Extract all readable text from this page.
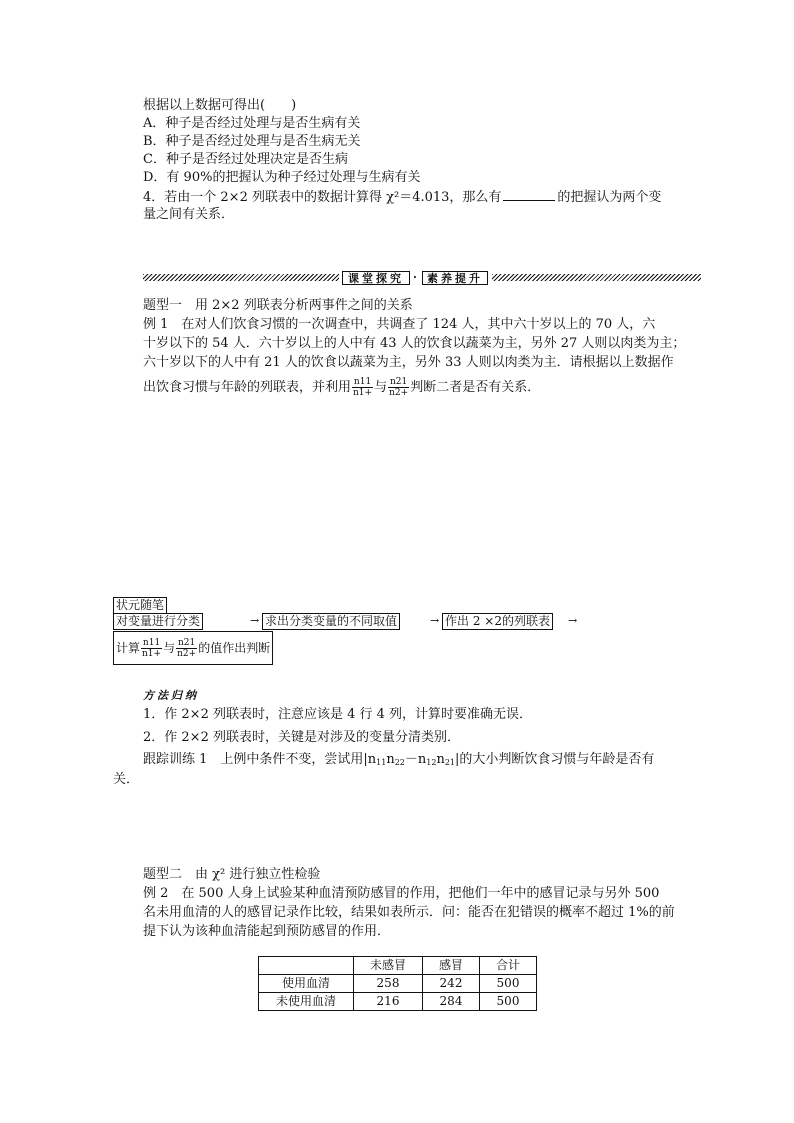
根据以上数据可得出(　　)
A．种子是否经过处理与是否生病有关
B．种子是否经过处理与是否生病无关
C．种子是否经过处理决定是否生病
D．有 90%的把握认为种子经过处理与生病有关
4．若由一个 2×2 列联表中的数据计算得 χ²＝4.013，那么有	的把握认为两个变
量之间有关系．
课堂探究 · 素养提升
题型一　用 2×2 列联表分析两事件之间的关系
例 1　在对人们饮食习惯的一次调查中，共调查了 124 人，其中六十岁以上的 70 人，六
十岁以下的 54 人．六十岁以上的人中有 43 人的饮食以蔬菜为主，另外 27 人则以肉类为主；
六十岁以下的人中有 21 人的饮食以蔬菜为主，另外 33 人则以肉类为主．请根据以上数据作
出饮食习惯与年龄的列联表，并利用 $\frac{n11}{n1+}$ 与 $\frac{n21}{n2+}$ 判断二者是否有关系．
状元随笔
对变量进行分类	→ 求出分类变量的不同取值	→ 作出 2 ×2的列联表 →
计算 $\frac{n11}{n1+}$ 与 $\frac{n21}{n2+}$ 的值作出判断
方法归纳
1．作 2×2 列联表时，注意应该是 4 行 4 列，计算时要准确无误．
2．作 2×2 列联表时，关键是对涉及的变量分清类别．
跟踪训练 1　上例中条件不变，尝试用$|n_{11}n_{22}-n_{12}n_{21}|$的大小判断饮食习惯与年龄是否有
关．
题型二　由 χ² 进行独立性检验
例 2　在 500 人身上试验某种血清预防感冒的作用，把他们一年中的感冒记录与另外 500
名未用血清的人的感冒记录作比较，结果如表所示．问：能否在犯错误的概率不超过 1%的前
提下认为该种血清能起到预防感冒的作用．
	未感冒	感冒	合计
使用血清	258	242	500
未使用血清	216	284	500
